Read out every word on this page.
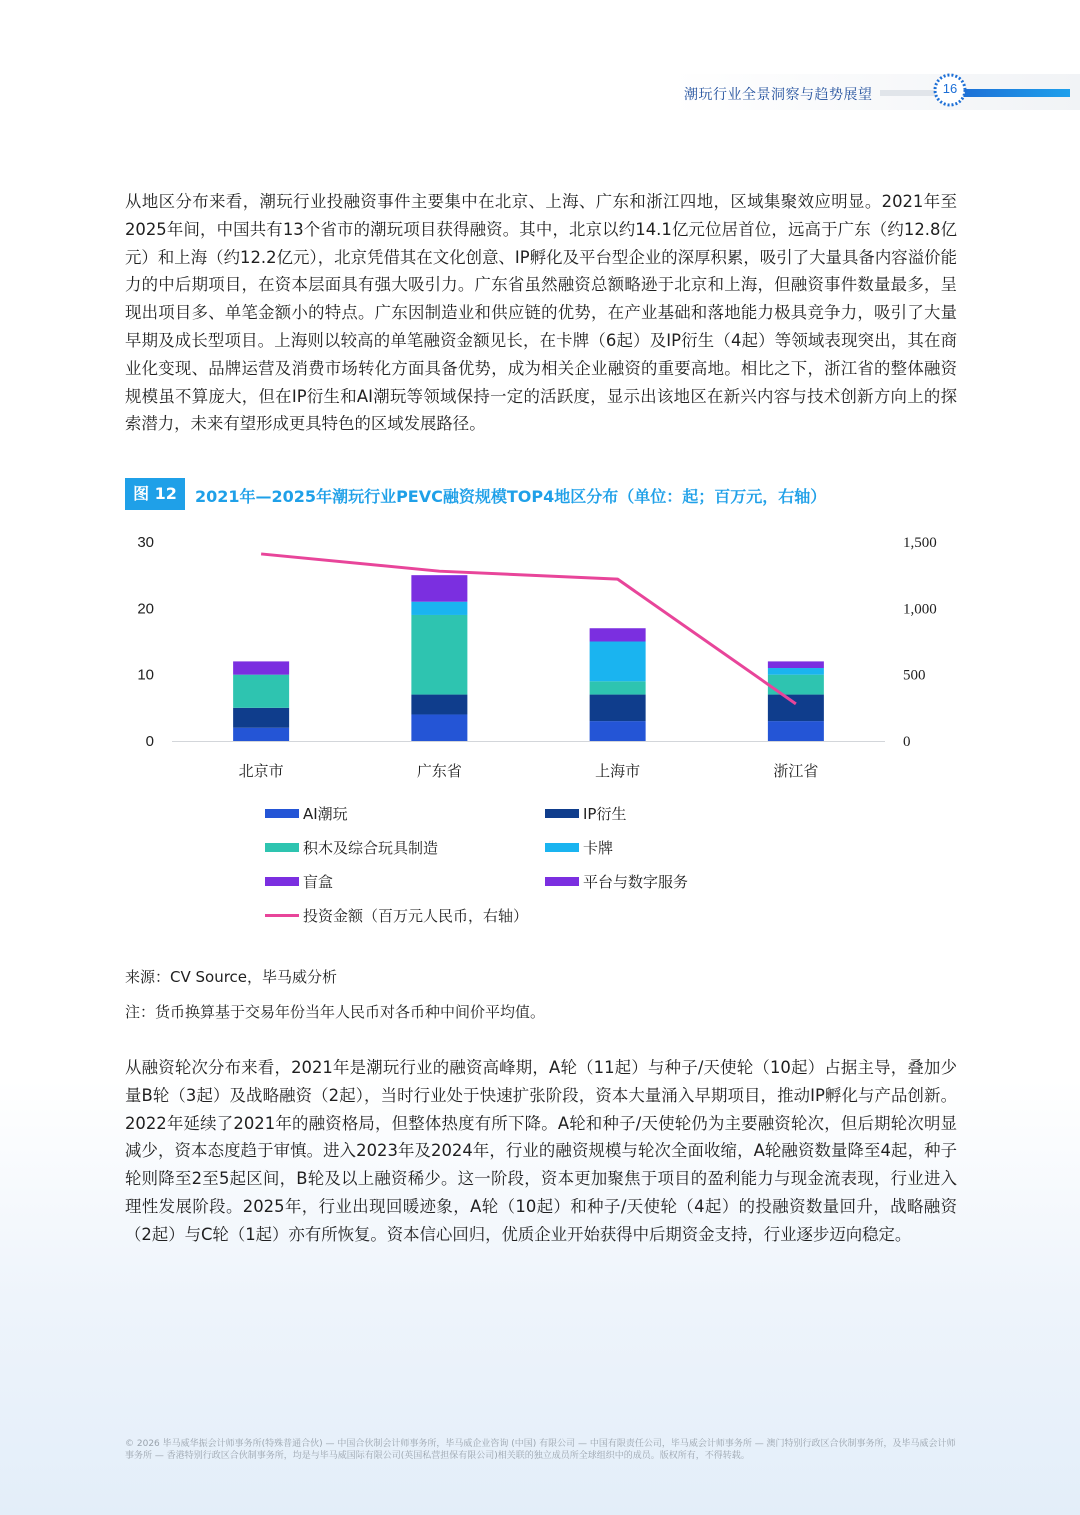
潮玩行业全景洞察与趋势展望	16

从地区分布来看，潮玩行业投融资事件主要集中在北京、上海、广东和浙江四地，区域集聚效应明显。2021年至2025年间，中国共有13个省市的潮玩项目获得融资。其中，北京以约14.1亿元位居首位，远高于广东（约12.8亿元）和上海（约12.2亿元），北京凭借其在文化创意、IP孵化及平台型企业的深厚积累，吸引了大量具备内容溢价能力的中后期项目，在资本层面具有强大吸引力。广东省虽然融资总额略逊于北京和上海，但融资事件数量最多，呈现出项目多、单笔金额小的特点。广东因制造业和供应链的优势，在产业基础和落地能力极具竞争力，吸引了大量早期及成长型项目。上海则以较高的单笔融资金额见长，在卡牌（6起）及IP衍生（4起）等领域表现突出，其在商业化变现、品牌运营及消费市场转化方面具备优势，成为相关企业融资的重要高地。相比之下，浙江省的整体融资规模虽不算庞大，但在IP衍生和AI潮玩等领域保持一定的活跃度，显示出该地区在新兴内容与技术创新方向上的探索潜力，未来有望形成更具特色的区域发展路径。

图 12	2021年—2025年潮玩行业PEVC融资规模TOP4地区分布（单位：起；百万元，右轴）
0
10
20
30
0
500
1,000
1,500
北京市	广东省	上海市	浙江省
AI潮玩	IP衍生
积木及综合玩具制造	卡牌
盲盒	平台与数字服务
投资金额（百万元人民币，右轴）
来源：CV Source，毕马威分析
注：货币换算基于交易年份当年人民币对各币种中间价平均值。

从融资轮次分布来看，2021年是潮玩行业的融资高峰期，A轮（11起）与种子/天使轮（10起）占据主导，叠加少量B轮（3起）及战略融资（2起），当时行业处于快速扩张阶段，资本大量涌入早期项目，推动IP孵化与产品创新。2022年延续了2021年的融资格局，但整体热度有所下降。A轮和种子/天使轮仍为主要融资轮次，但后期轮次明显减少，资本态度趋于审慎。进入2023年及2024年，行业的融资规模与轮次全面收缩，A轮融资数量降至4起，种子轮则降至2至5起区间，B轮及以上融资稀少。这一阶段，资本更加聚焦于项目的盈利能力与现金流表现，行业进入理性发展阶段。2025年，行业出现回暖迹象，A轮（10起）和种子/天使轮（4起）的投融资数量回升，战略融资（2起）与C轮（1起）亦有所恢复。资本信心回归，优质企业开始获得中后期资金支持，行业逐步迈向稳定。

© 2026 毕马威华振会计师事务所(特殊普通合伙) — 中国合伙制会计师事务所，毕马威企业咨询 (中国) 有限公司 — 中国有限责任公司，毕马威会计师事务所 — 澳门特别行政区合伙制事务所，及毕马威会计师事务所 — 香港特别行政区合伙制事务所，均是与毕马威国际有限公司(英国私营担保有限公司)相关联的独立成员所全球组织中的成员。版权所有，不得转载。
